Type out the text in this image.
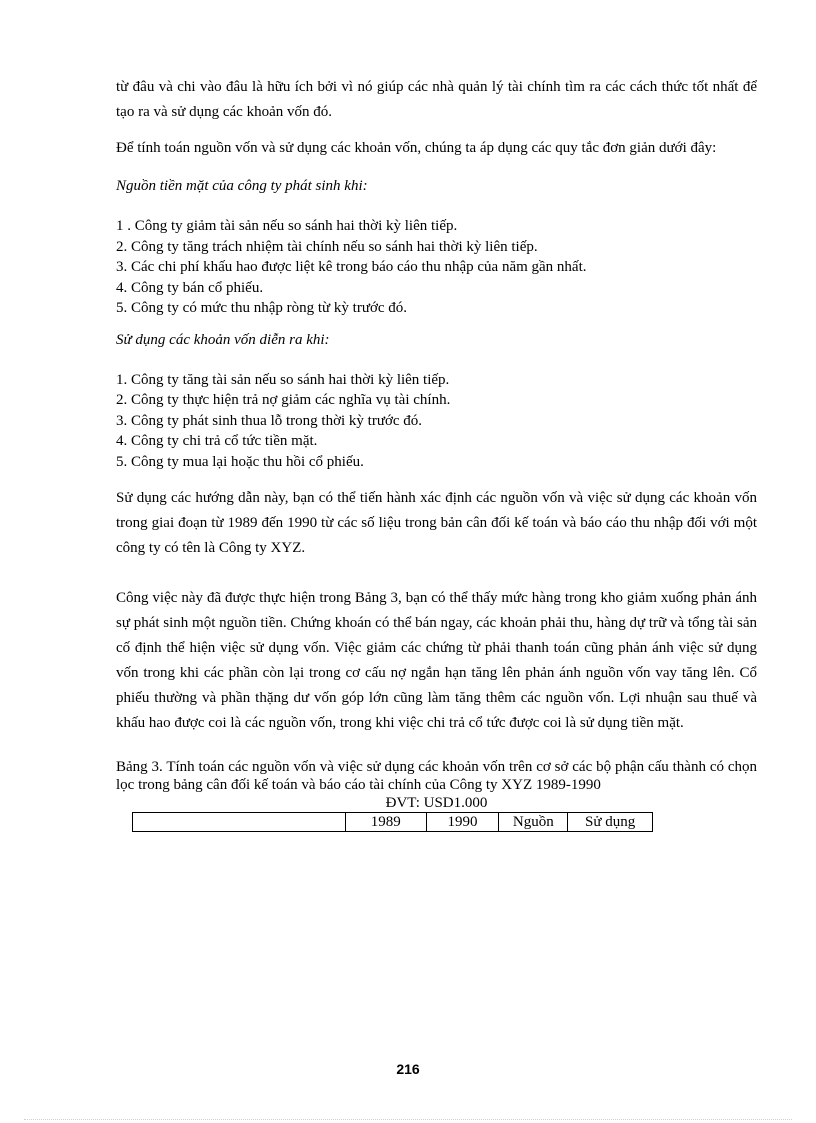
từ đâu và chi vào đâu là hữu ích bởi vì nó giúp các nhà quản lý tài chính tìm ra các cách thức tốt nhất để tạo ra và sử dụng các khoản vốn đó.

Để tính toán nguồn vốn và sử dụng các khoản vốn, chúng ta áp dụng các quy tắc đơn giản dưới đây:

Nguồn tiền mặt của công ty phát sinh khi:

1 . Công ty giảm tài sản nếu so sánh hai thời kỳ liên tiếp.
2. Công ty tăng trách nhiệm tài chính nếu so sánh hai thời kỳ liên tiếp.
3. Các chi phí khấu hao được liệt kê trong báo cáo thu nhập của năm gần nhất.
4. Công ty bán cổ phiếu.
5. Công ty có mức thu nhập ròng từ kỳ trước đó.

Sử dụng các khoản vốn diễn ra khi:

1. Công ty tăng tài sản nếu so sánh hai thời kỳ liên tiếp.
2. Công ty thực hiện trả nợ giảm các nghĩa vụ tài chính.
3. Công ty phát sinh thua lỗ trong thời kỳ trước đó.
4. Công ty chi trả cổ tức tiền mặt.
5. Công ty mua lại hoặc thu hồi cổ phiếu.

Sử dụng các hướng dẫn này, bạn có thể tiến hành xác định các nguồn vốn và việc sử dụng các khoản vốn trong giai đoạn từ 1989 đến 1990 từ các số liệu trong bản cân đối kế toán và báo cáo thu nhập đối với một công ty có tên là Công ty XYZ.

Công việc này đã được thực hiện trong Bảng 3, bạn có thể thấy mức hàng trong kho giảm xuống phản ánh sự phát sinh một nguồn tiền. Chứng khoán có thể bán ngay, các khoản phải thu, hàng dự trữ và tổng tài sản cố định thể hiện việc sử dụng vốn. Việc giảm các chứng từ phải thanh toán cũng phản ánh việc sử dụng vốn trong khi các phần còn lại trong cơ cấu nợ ngắn hạn tăng lên phản ánh nguồn vốn vay tăng lên. Cổ phiếu thường và phần thặng dư vốn góp lớn cũng làm tăng thêm các nguồn vốn. Lợi nhuận sau thuế và khấu hao được coi là các nguồn vốn, trong khi việc chi trả cổ tức được coi là sử dụng tiền mặt.

Bảng 3. Tính toán các nguồn vốn và việc sử dụng các khoản vốn trên cơ sở các bộ phận cấu thành có chọn lọc trong bảng cân đối kế toán và báo cáo tài chính của Công ty XYZ 1989-1990

ĐVT: USD1.000

	1989	1990	Nguồn	Sử dụng
216
